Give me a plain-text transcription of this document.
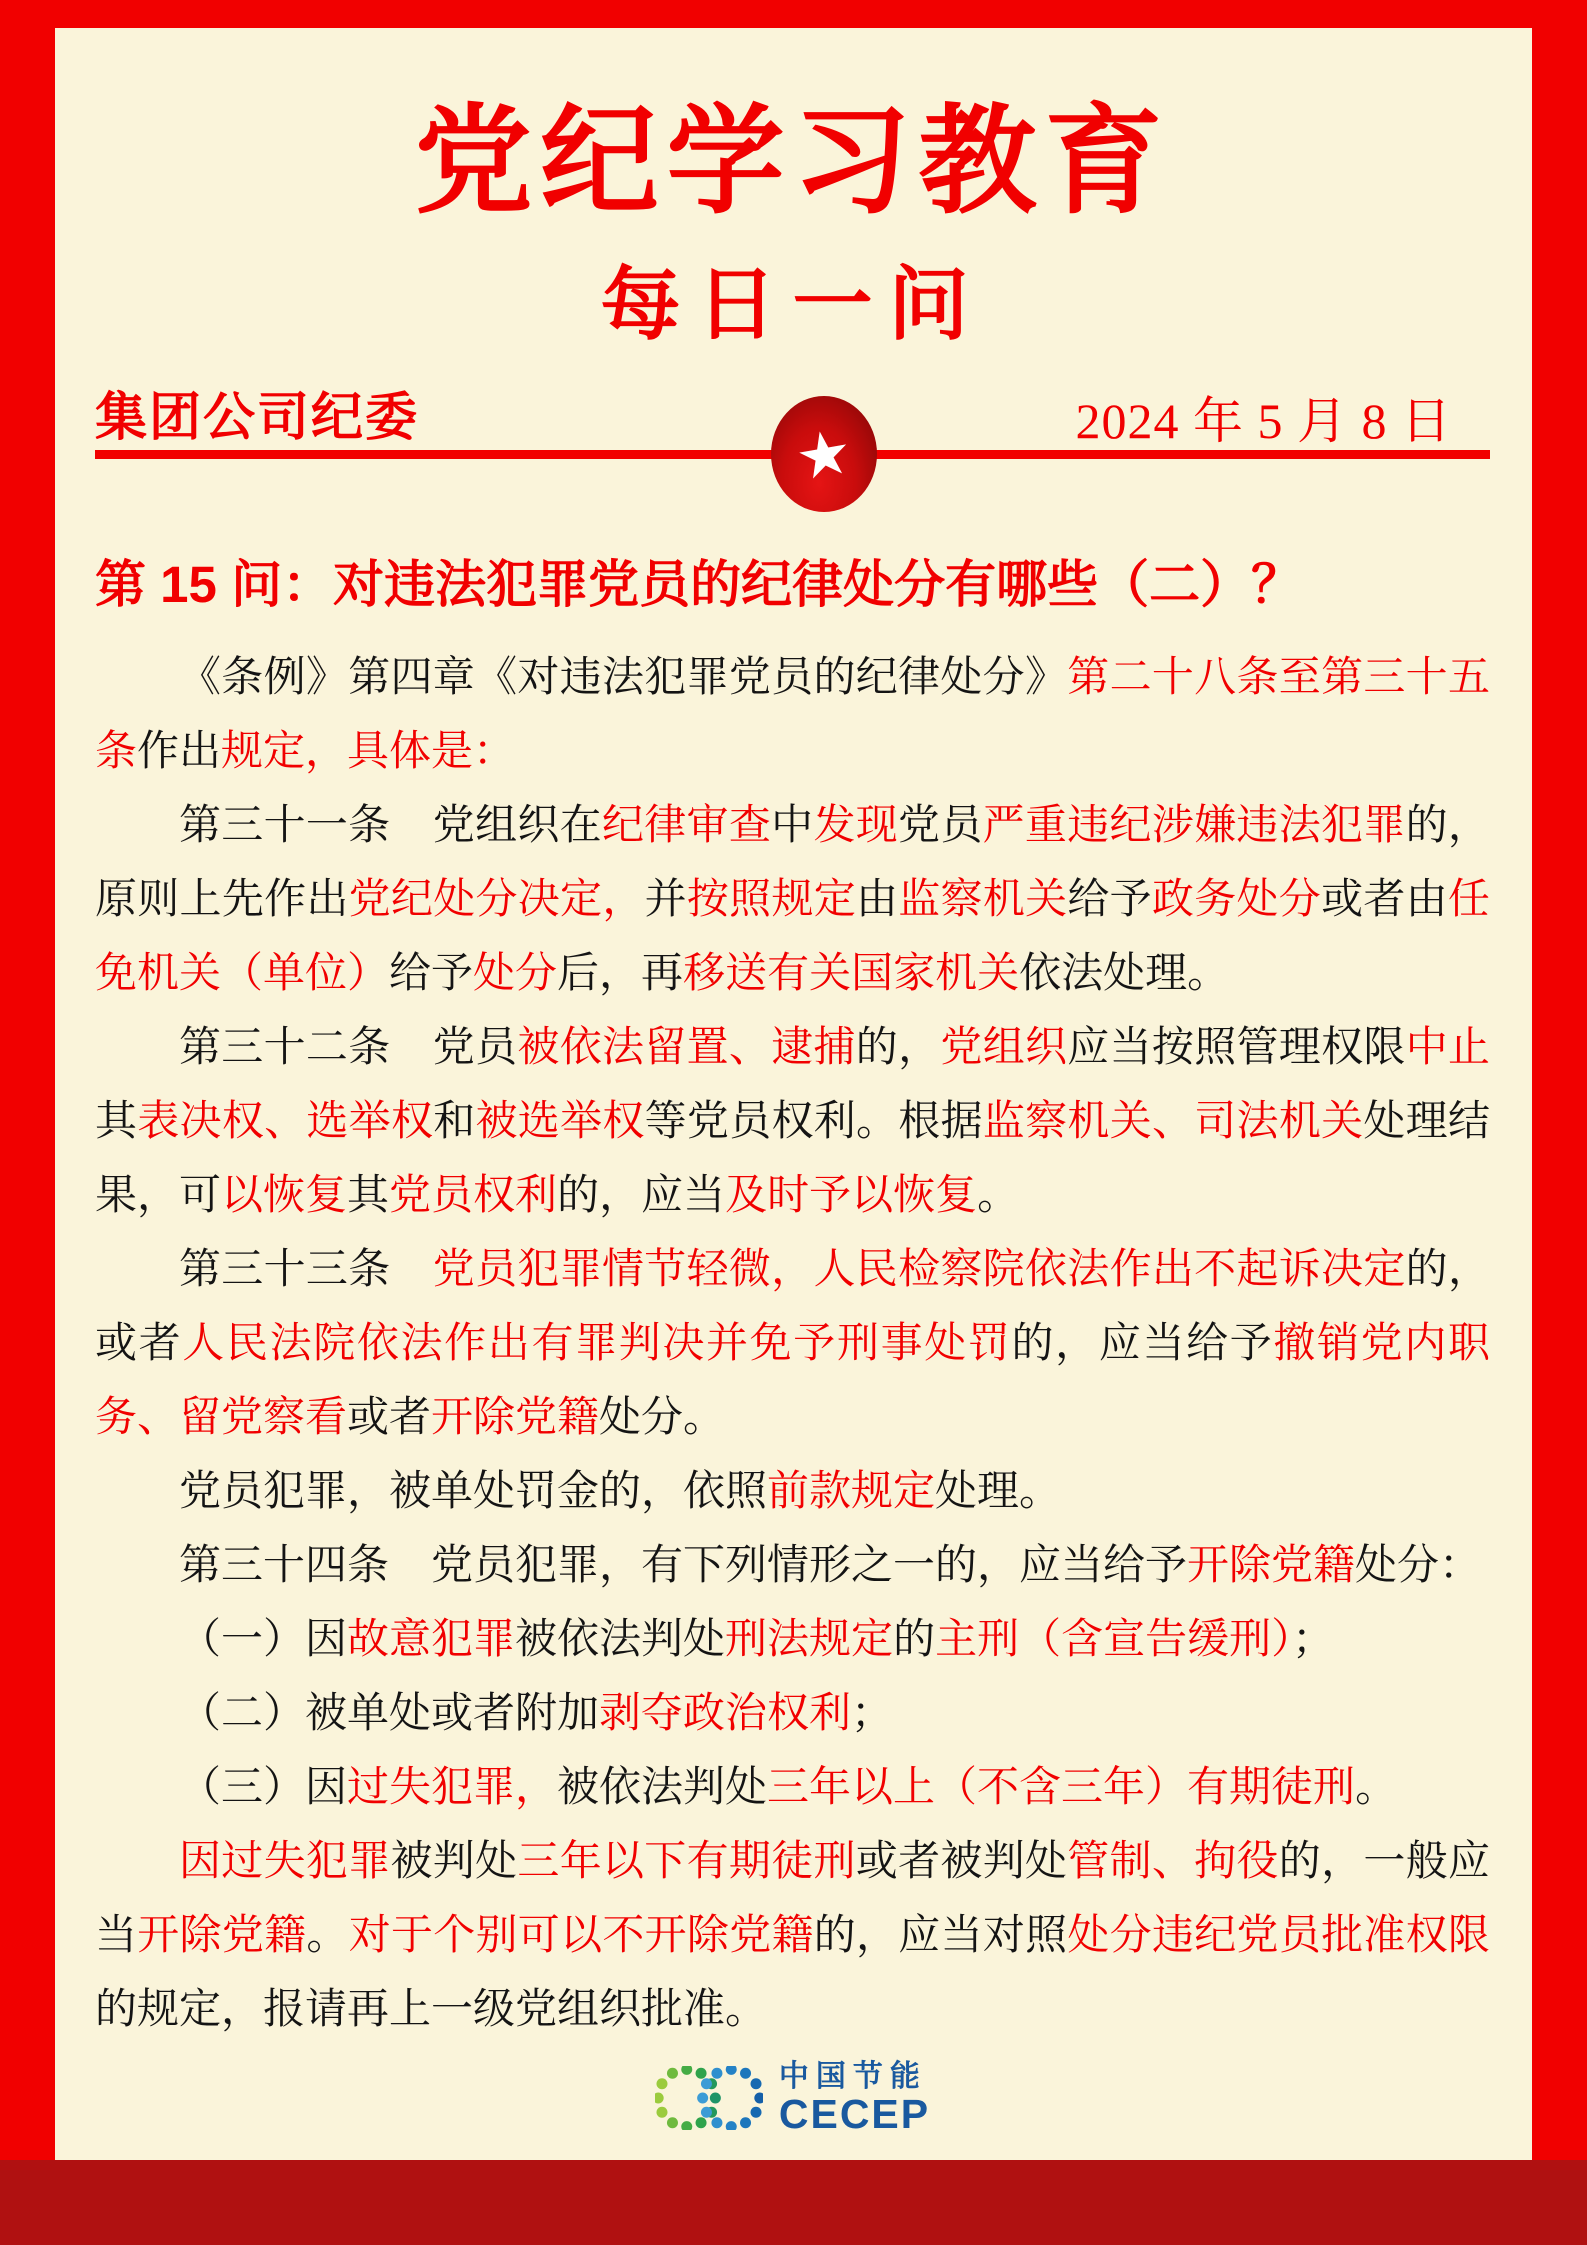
党纪学习教育
每日一问
集团公司纪委	2024 年 5 月 8 日
★
第 15 问：对违法犯罪党员的纪律处分有哪些（二）？

《条例》第四章《对违法犯罪党员的纪律处分》第二十八条至第三十五条作出规定，具体是：

第三十一条　党组织在纪律审查中发现党员严重违纪涉嫌违法犯罪的，原则上先作出党纪处分决定，并按照规定由监察机关给予政务处分或者由任免机关（单位）给予处分后，再移送有关国家机关依法处理。

第三十二条　党员被依法留置、逮捕的，党组织应当按照管理权限中止其表决权、选举权和被选举权等党员权利。根据监察机关、司法机关处理结果，可以恢复其党员权利的，应当及时予以恢复。

第三十三条　党员犯罪情节轻微，人民检察院依法作出不起诉决定的，或者人民法院依法作出有罪判决并免予刑事处罚的，应当给予撤销党内职务、留党察看或者开除党籍处分。

党员犯罪，被单处罚金的，依照前款规定处理。

第三十四条　党员犯罪，有下列情形之一的，应当给予开除党籍处分：

（一）因故意犯罪被依法判处刑法规定的主刑（含宣告缓刑）；

（二）被单处或者附加剥夺政治权利；

（三）因过失犯罪，被依法判处三年以上（不含三年）有期徒刑。

因过失犯罪被判处三年以下有期徒刑或者被判处管制、拘役的，一般应当开除党籍。对于个别可以不开除党籍的，应当对照处分违纪党员批准权限的规定，报请再上一级党组织批准。

中国节能
CECEP
